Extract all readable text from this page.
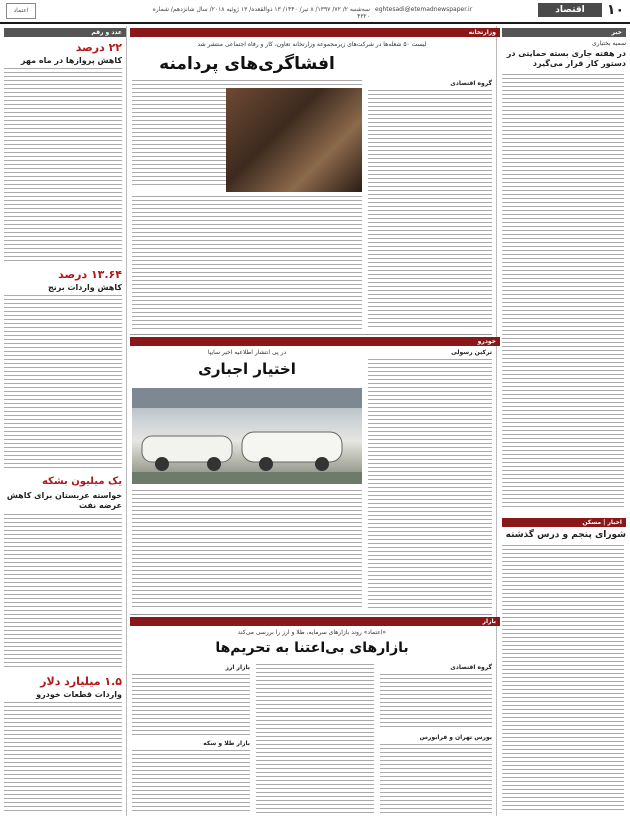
۱۰
اقتصاد
eghtesadi@etemadnewspaper.ir
سه‌شنبه ۲/ ۷۲/ ۱۳۹۷/ ۸ تیر/ ۱۴۴۰/ ۱۳ ذوالقعده/ ۱۳ ژوئیه ۲۰۱۸/ سال شانزدهم/ شماره ۴۳۲۰
اعتماد
عدد و رقم
۲۲ درصد
کاهش پروازها در ماه مهر
۱۳.۶۴ درصد
کاهش واردات برنج
یک میلیون بشکه
خواسته عربستان برای کاهش عرضه نفت
۱.۵ میلیارد دلار
واردات قطعات خودرو
خبر
سمیه بختیاری
در هفته جاری بسته حمایتی در دستور کار قرار می‌گیرد
اخبار | مسکن
شورای پنجم و درس گذشته
وزارتخانه
لیست ۵۰ شغله‌ها در شرکت‌های زیرمجموعه وزارتخانه تعاون، کار و رفاه اجتماعی منتشر شد
افشاگری‌های پردامنه
گروه اقتصادی
خودرو
در پی انتشار اطلاعیه اخیر سایپا
اختیار اجباری
ترکین رسولی
بازار
«اعتماد» روند بازارهای سرمایه، طلا و ارز را بررسی می‌کند
بازارهای بی‌اعتنا به تحریم‌ها
گروه اقتصادی
بورس تهران و فرابورس
بازار ارز
بازار طلا و سکه
